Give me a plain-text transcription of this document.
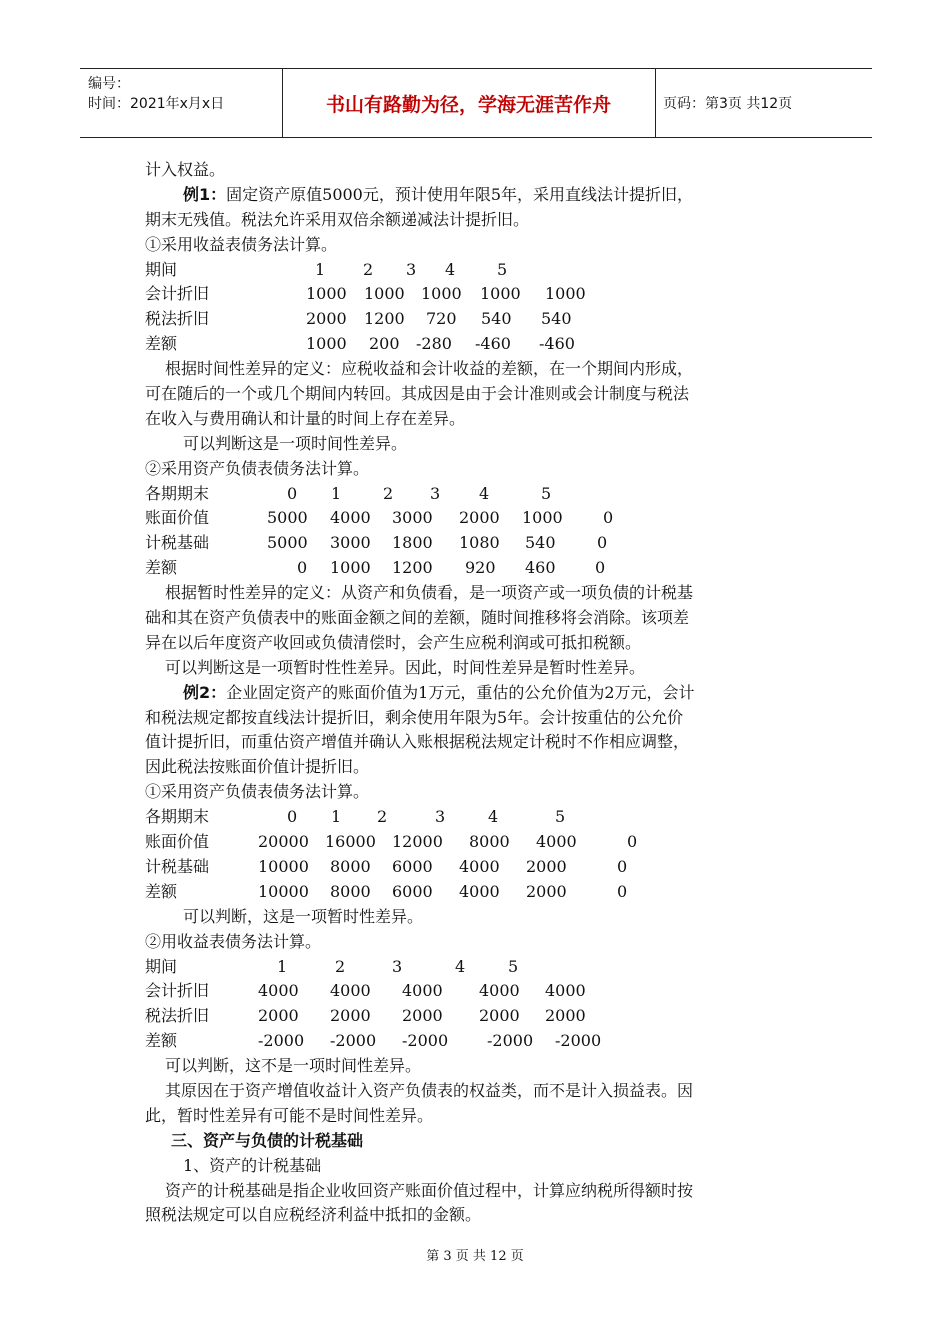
编号：
时间：2021年x月x日	书山有路勤为径，学海无涯苦作舟	页码：第3页 共12页
计入权益。
例1：固定资产原值5000元，预计使用年限5年，采用直线法计提折旧，
期末无残值。税法允许采用双倍余额递减法计提折旧。
①采用收益表债务法计算。
期间	1 2 3 4	5
会计折旧	1000 1000 1000 1000 1000
税法折旧	2000 1200 720 540 540
差额	1000 200 -280 -460 -460
根据时间性差异的定义：应税收益和会计收益的差额，在一个期间内形成，
可在随后的一个或几个期间内转回。其成因是由于会计准则或会计制度与税法
在收入与费用确认和计量的时间上存在差异。
可以判断这是一项时间性差异。
②采用资产负债表债务法计算。
各期期末	0 1	2 3 4	5
账面价值	5000 4000 3000 2000 1000	0
计税基础	5000 3000 1800 1080 540	0
差额	0 1000 1200 920 460 0
根据暂时性差异的定义：从资产和负债看，是一项资产或一项负债的计税基
础和其在资产负债表中的账面金额之间的差额，随时间推移将会消除。该项差
异在以后年度资产收回或负债清偿时，会产生应税利润或可抵扣税额。
可以判断这是一项暂时性性差异。因此，时间性差异是暂时性差异。
例2：企业固定资产的账面价值为1万元，重估的公允价值为2万元，会计
和税法规定都按直线法计提折旧，剩余使用年限为5年。会计按重估的公允价
值计提折旧，而重估资产增值并确认入账根据税法规定计税时不作相应调整，
因此税法按账面价值计提折旧。
①采用资产负债表债务法计算。
各期期末	0 1 2	3	4	5
账面价值	20000 16000 12000 8000 4000	0
计税基础	10000 8000 6000 4000 2000	0
差额	10000 8000 6000 4000 2000	0
可以判断，这是一项暂时性差异。
②用收益表债务法计算。
期间	1	2	3	4	5
会计折旧	4000 4000 4000 4000 4000
税法折旧	2000 2000 2000 2000 2000
差额	-2000 -2000 -2000 -2000 -2000
可以判断，这不是一项时间性差异。
其原因在于资产增值收益计入资产负债表的权益类，而不是计入损益表。因
此，暂时性差异有可能不是时间性差异。
三、资产与负债的计税基础
1、资产的计税基础
资产的计税基础是指企业收回资产账面价值过程中，计算应纳税所得额时按
照税法规定可以自应税经济利益中抵扣的金额。
第 3 页 共 12 页
